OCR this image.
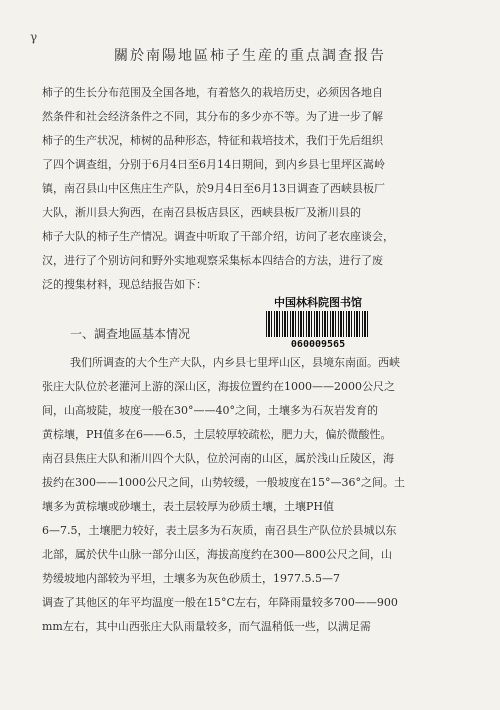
γ
關於南陽地區柿子生産的重点調查报告
柿子的生长分布范围及全国各地，有着悠久的栽培历史，必须因各地自
然条件和社会经济条件之不同，其分布的多少亦不等。为了进一步了解
柿子的生产状况，柿树的品种形态，特征和栽培技术，我们于先后组织
了四个调查组，分别于6月4日至6月14日期间，到内乡县七里坪区嵩岭
镇，南召县山中区焦庄生产队，於9月4日至6月13日调查了西峡县板厂
大队，淅川县大狗西，在南召县板店县区，西峡县板厂及淅川县的
柿子大队的柿子生产情况。调查中听取了干部介绍，访问了老农座谈会，
汉，进行了个别访问和野外实地观察采集标本四结合的方法，进行了废
泛的搜集材料，现总结报告如下：
中国林科院图书馆
060009565
一、調查地區基本情况
我们所调查的大个生产大队，内乡县七里坪山区，县境东南面。西峡
张庄大队位於老灌河上游的深山区，海拔位置约在1000——2000公尺之
间，山高坡陡，坡度一般在30°——40°之间，土壤多为石灰岩发育的
黄棕壤，PH值多在6——6.5，土层较厚较疏松，肥力大，偏於微酸性。
南召县焦庄大队和淅川四个大队，位於河南的山区，属於浅山丘陵区，海
拔约在300——1000公尺之间，山势较缓，一般坡度在15°—36°之间。土
壤多为黄棕壤或砂壤土，表土层较厚为砂质土壤，土壤PH值
6—7.5，土壤肥力较好，表土层多为石灰质，南召县生产队位於县城以东
北部，属於伏牛山脉一部分山区，海拔高度约在300—800公尺之间，山
势缓坡地内部较为平坦，土壤多为灰色砂质土，1977.5.5—7
调查了其他区的年平均温度一般在15°C左右，年降雨量较多700——900
mm左右，其中山西张庄大队雨量较多，而气温稍低一些，以满足需
